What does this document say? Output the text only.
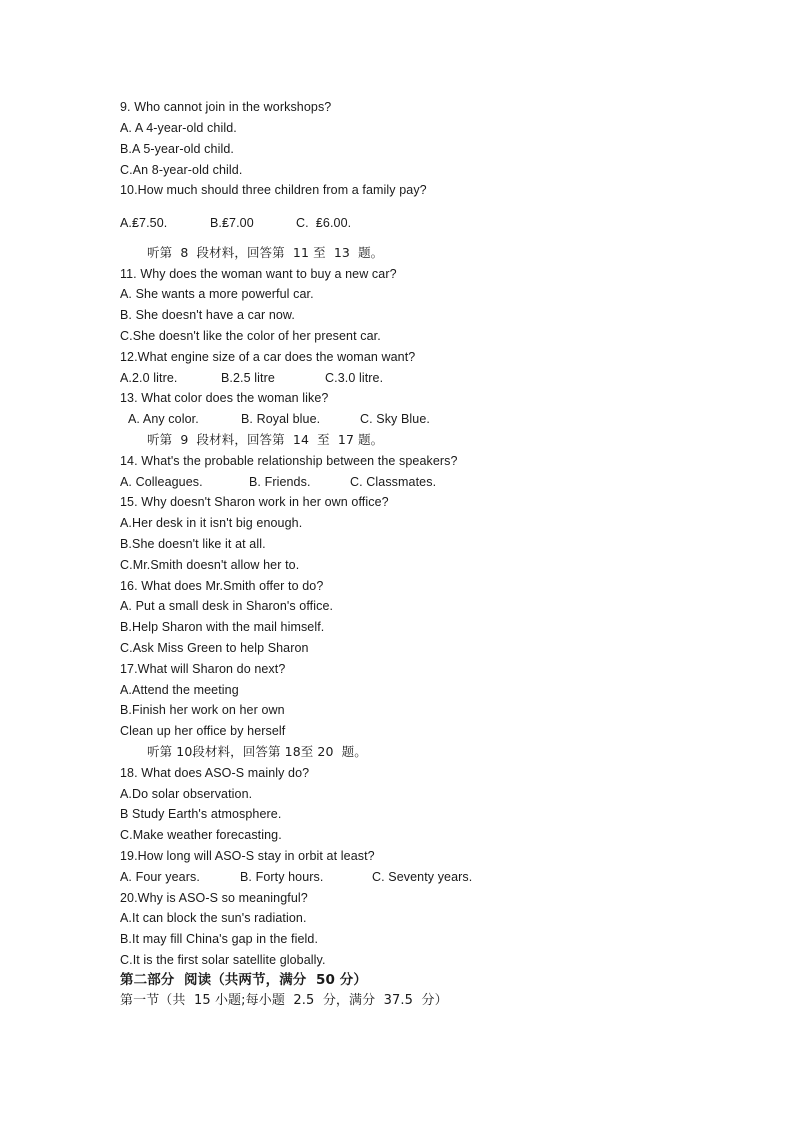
9. Who cannot join in the workshops?
A. A 4-year-old child.
B.A 5-year-old child.
C.An 8-year-old child.
10.How much should three children from a family pay?

A.₤7.50.

	B.₤7.00

	C.  ₤6.00.

听第  8  段材料，回答第  11 至  13  题。
11. Why does the woman want to buy a new car?
A. She wants a more powerful car.
B. She doesn't have a car now.
C.She doesn't like the color of her present car.
12.What engine size of a car does the woman want?

A.2.0 litre.

	B.2.5 litre

	C.3.0 litre.

13. What color does the woman like?

A. Any color.

	B. Royal blue.

	C. Sky Blue.

听第  9  段材料，回答第  14  至  17 题。
14. What's the probable relationship between the speakers?

A. Colleagues.

	B. Friends.

	C. Classmates.

15. Why doesn't Sharon work in her own office?
A.Her desk in it isn't big enough.
B.She doesn't like it at all.
C.Mr.Smith doesn't allow her to.
16. What does Mr.Smith offer to do?
A. Put a small desk in Sharon's office.
B.Help Sharon with the mail himself.
C.Ask Miss Green to help Sharon
17.What will Sharon do next?
A.Attend the meeting
B.Finish her work on her own
Clean up her office by herself
听第 10段材料，回答第 18至 20  题。
18. What does ASO-S mainly do?
A.Do solar observation.
B Study Earth's atmosphere.
C.Make weather forecasting.
19.How long will ASO-S stay in orbit at least?

A. Four years.

	B. Forty hours.

	C. Seventy years.

20.Why is ASO-S so meaningful?
A.It can block the sun's radiation.
B.It may fill China's gap in the field.
C.It is the first solar satellite globally.
第二部分  阅读（共两节，满分  50 分）
第一节（共  15 小题;每小题  2.5  分，满分  37.5  分）
